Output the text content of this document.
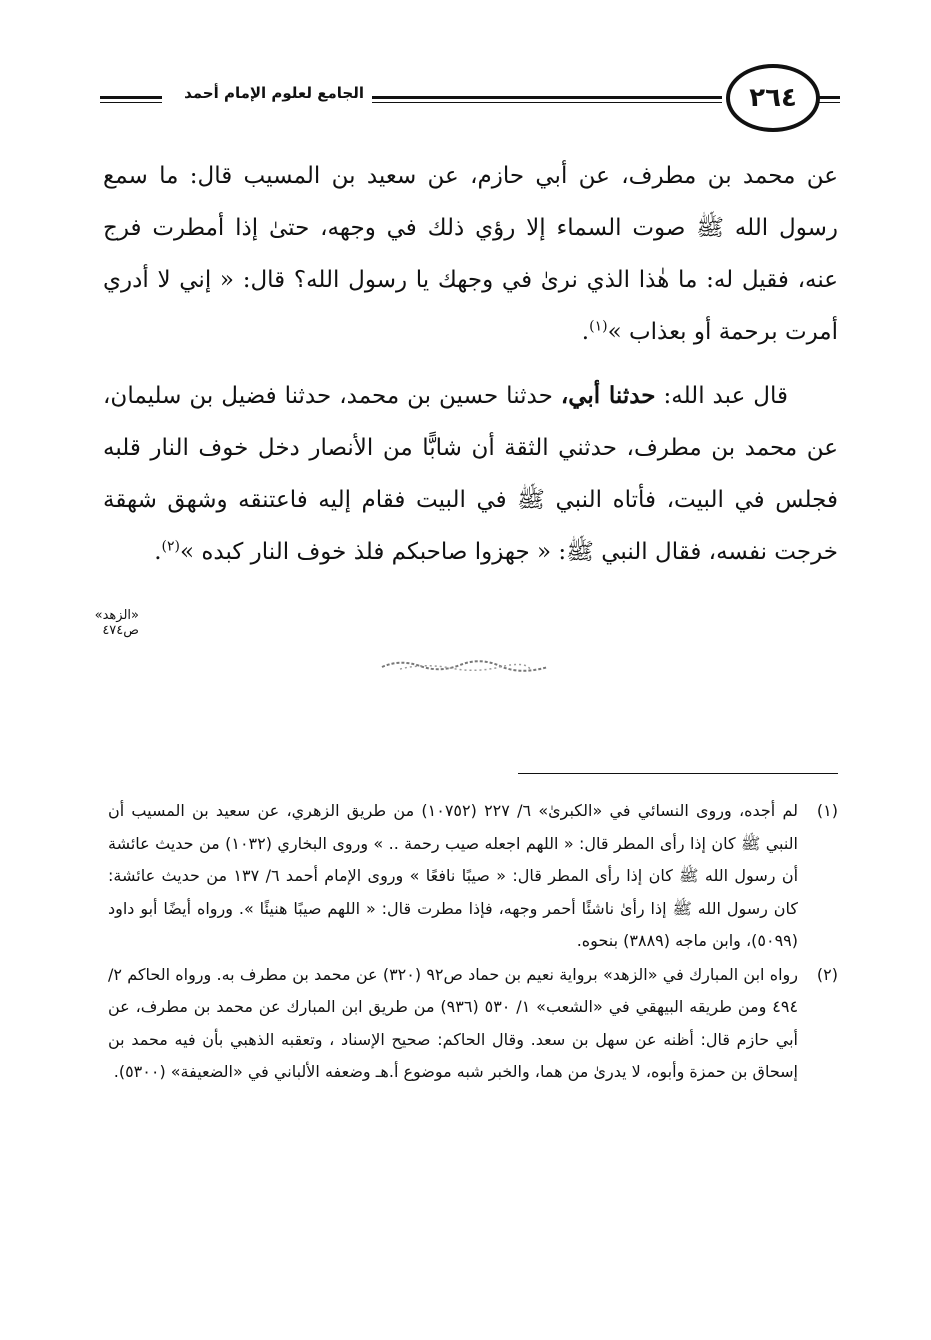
٢٦٤
الجامع لعلوم الإمام أحمد

عن محمد بن مطرف، عن أبي حازم، عن سعيد بن المسيب قال: ما سمع رسول الله ﷺ صوت السماء إلا رؤي ذلك في وجهه، حتىٰ إذا أمطرت فرج عنه، فقيل له: ما هٰذا الذي نرىٰ في وجهك يا رسول الله؟ قال: « إني لا أدري أمرت برحمة أو بعذاب »$^{(١)}$.

قال عبد الله: حدثنا أبي، حدثنا حسين بن محمد، حدثنا فضيل بن سليمان، عن محمد بن مطرف، حدثني الثقة أن شابًّا من الأنصار دخل خوف النار قلبه فجلس في البيت، فأتاه النبي ﷺ في البيت فقام إليه فاعتنقه وشهق شهقة خرجت نفسه، فقال النبي ﷺ: « جهزوا صاحبكم فلذ خوف النار كبده »$^{(٢)}$.

«الزهد» ص٤٧٤
(١)
لم أجده، وروى النسائي في «الكبرىٰ» ٦/ ٢٢٧ (١٠٧٥٢) من طريق الزهري، عن سعيد بن المسيب أن النبي ﷺ كان إذا رأى المطر قال: « اللهم اجعله صيب رحمة .. » وروى البخاري (١٠٣٢) من حديث عائشة أن رسول الله ﷺ كان إذا رأى المطر قال: « صيبًا نافعًا » وروى الإمام أحمد ٦/ ١٣٧ من حديث عائشة: كان رسول الله ﷺ إذا رأىٰ ناشئًا أحمر وجهه، فإذا مطرت قال: « اللهم صيبًا هنيئًا ». ورواه أيضًا أبو داود (٥٠٩٩)، وابن ماجه (٣٨٨٩) بنحوه.
(٢)
رواه ابن المبارك في «الزهد» برواية نعيم بن حماد ص٩٢ (٣٢٠) عن محمد بن مطرف به. ورواه الحاكم ٢/ ٤٩٤ ومن طريقه البيهقي في «الشعب» ١/ ٥٣٠ (٩٣٦) من طريق ابن المبارك عن محمد بن مطرف، عن أبي حازم قال: أظنه عن سهل بن سعد. وقال الحاكم: صحيح الإسناد ، وتعقبه الذهبي بأن فيه محمد بن إسحاق بن حمزة وأبوه، لا يدرىٰ من هما، والخبر شبه موضوع أ.هـ وضعفه الألباني في «الضعيفة» (٥٣٠٠).
